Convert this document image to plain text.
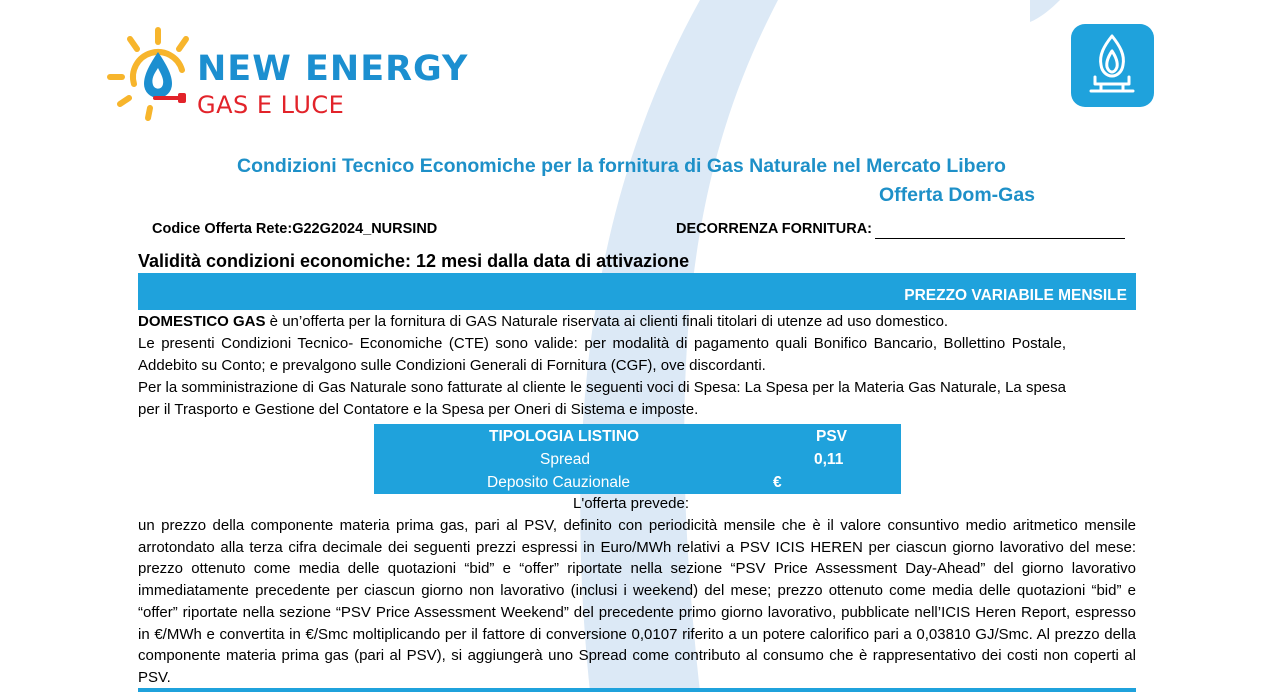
NEW ENERGY
GAS E LUCE
Condizioni Tecnico Economiche per la fornitura di Gas Naturale nel Mercato Libero
Offerta Dom-Gas
Codice Offerta Rete:G22G2024_NURSIND	DECORRENZA FORNITURA:
Validità condizioni economiche: 12 mesi dalla data di attivazione
PREZZO VARIABILE MENSILE
DOMESTICO GAS è un’offerta per la fornitura di GAS Naturale riservata ai clienti finali titolari di utenze ad uso domestico.
Le presenti Condizioni Tecnico- Economiche (CTE) sono valide: per modalità di pagamento quali Bonifico Bancario, Bollettino Postale, Addebito su Conto; e prevalgono sulle Condizioni Generali di Fornitura (CGF), ove discordanti.
Per la somministrazione di Gas Naturale sono fatturate al cliente le seguenti voci di Spesa: La Spesa per la Materia Gas Naturale, La spesa per il Trasporto e Gestione del Contatore e la Spesa per Oneri di Sistema e imposte.
TIPOLOGIA LISTINO	PSV
Spread	0,11
Deposito Cauzionale	€
L'offerta prevede:
un prezzo della componente materia prima gas, pari al PSV, definito con periodicità mensile che è il valore consuntivo medio aritmetico mensile arrotondato alla terza cifra decimale dei seguenti prezzi espressi in Euro/MWh relativi a PSV ICIS HEREN per ciascun giorno lavorativo del mese: prezzo ottenuto come media delle quotazioni “bid” e “offer” riportate nella sezione “PSV Price Assessment Day-Ahead” del giorno lavorativo immediatamente precedente per ciascun giorno non lavorativo (inclusi i weekend) del mese; prezzo ottenuto come media delle quotazioni “bid” e “offer” riportate nella sezione “PSV Price Assessment Weekend” del precedente primo giorno lavorativo, pubblicate nell’ICIS Heren Report, espresso in €/MWh e convertita in €/Smc moltiplicando per il fattore di conversione 0,0107 riferito a un potere calorifico pari a 0,03810 GJ/Smc. Al prezzo della componente materia prima gas (pari al PSV), si aggiungerà uno Spread come contributo al consumo che è rappresentativo dei costi non coperti al PSV.
